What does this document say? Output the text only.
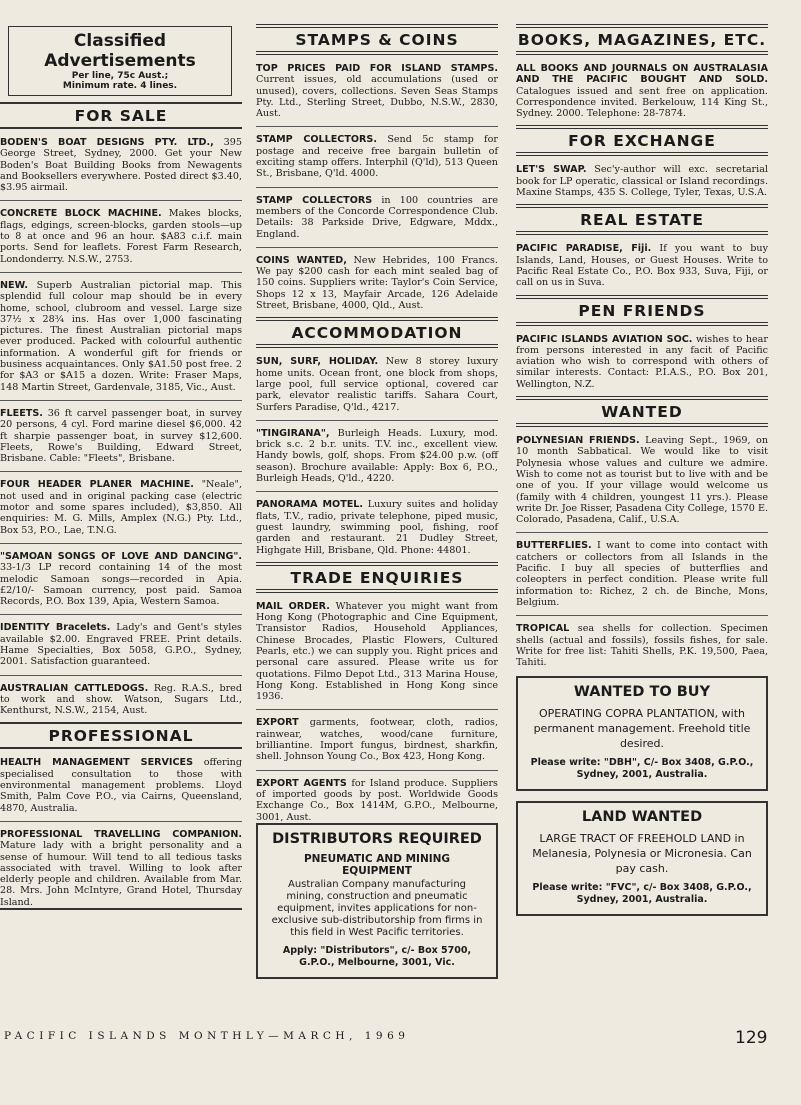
Classified Advertisements
Per line, 75c Aust.;
Minimum rate. 4 lines.
FOR SALE
BODEN'S BOAT DESIGNS PTY. LTD., 395 George Street, Sydney, 2000. Get your New Boden's Boat Building Books from Newagents and Booksellers everywhere. Posted direct $3.40, $3.95 airmail.
CONCRETE BLOCK MACHINE. Makes blocks, flags, edgings, screen-blocks, garden stools—up to 8 at once and 96 an hour. $A83 c.i.f. main ports. Send for leaflets. Forest Farm Research, Londonderry. N.S.W., 2753.
NEW. Superb Australian pictorial map. This splendid full colour map should be in every home, school, clubroom and vessel. Large size 37½ x 28¾ ins. Has over 1,000 fascinating pictures. The finest Australian pictorial maps ever produced. Packed with colourful authentic information. A wonderful gift for friends or business acquaintances. Only $A1.50 post free. 2 for $A3 or $A15 a dozen. Write: Fraser Maps, 148 Martin Street, Gardenvale, 3185, Vic., Aust.
FLEETS. 36 ft carvel passenger boat, in survey 20 persons, 4 cyl. Ford marine diesel $6,000. 42 ft sharpie passenger boat, in survey $12,600. Fleets, Rowe's Building, Edward Street, Brisbane. Cable: "Fleets", Brisbane.
FOUR HEADER PLANER MACHINE. "Neale", not used and in original packing case (electric motor and some spares included), $3,850. All enquiries: M. G. Mills, Amplex (N.G.) Pty. Ltd., Box 53, P.O., Lae, T.N.G.
"SAMOAN SONGS OF LOVE AND DANCING". 33-1/3 LP record containing 14 of the most melodic Samoan songs—recorded in Apia. £2/10/- Samoan currency, post paid. Samoa Records, P.O. Box 139, Apia, Western Samoa.
IDENTITY Bracelets. Lady's and Gent's styles available $2.00. Engraved FREE. Print details. Hame Specialties, Box 5058, G.P.O., Sydney, 2001. Satisfaction guaranteed.
AUSTRALIAN CATTLEDOGS. Reg. R.A.S., bred to work and show. Watson, Sugars Ltd., Kenthurst, N.S.W., 2154, Aust.
PROFESSIONAL
HEALTH MANAGEMENT SERVICES offering specialised consultation to those with environmental management problems. Lloyd Smith, Palm Cove P.O., via Cairns, Queensland, 4870, Australia.
PROFESSIONAL TRAVELLING COMPANION. Mature lady with a bright personality and a sense of humour. Will tend to all tedious tasks associated with travel. Willing to look after elderly people and children. Available from Mar. 28. Mrs. John McIntyre, Grand Hotel, Thursday Island.
STAMPS & COINS
TOP PRICES PAID FOR ISLAND STAMPS. Current issues, old accumulations (used or unused), covers, collections. Seven Seas Stamps Pty. Ltd., Sterling Street, Dubbo, N.S.W., 2830, Aust.
STAMP COLLECTORS. Send 5c stamp for postage and receive free bargain bulletin of exciting stamp offers. Interphil (Q'ld), 513 Queen St., Brisbane, Q'ld. 4000.
STAMP COLLECTORS in 100 countries are members of the Concorde Correspondence Club. Details: 38 Parkside Drive, Edgware, Mddx., England.
COINS WANTED, New Hebrides, 100 Francs. We pay $200 cash for each mint sealed bag of 150 coins. Suppliers write: Taylor's Coin Service, Shops 12 x 13, Mayfair Arcade, 126 Adelaide Street, Brisbane, 4000, Qld., Aust.
ACCOMMODATION
SUN, SURF, HOLIDAY. New 8 storey luxury home units. Ocean front, one block from shops, large pool, full service optional, covered car park, elevator realistic tariffs. Sahara Court, Surfers Paradise, Q'ld., 4217.
"TINGIRANA", Burleigh Heads. Luxury, mod. brick s.c. 2 b.r. units. T.V. inc., excellent view. Handy bowls, golf, shops. From $24.00 p.w. (off season). Brochure available: Apply: Box 6, P.O., Burleigh Heads, Q'ld., 4220.
PANORAMA MOTEL. Luxury suites and holiday flats, T.V., radio, private telephone, piped music, guest laundry, swimming pool, fishing, roof garden and restaurant. 21 Dudley Street, Highgate Hill, Brisbane, Qld. Phone: 44801.
TRADE ENQUIRIES
MAIL ORDER. Whatever you might want from Hong Kong (Photographic and Cine Equipment, Transistor Radios, Household Appliances, Chinese Brocades, Plastic Flowers, Cultured Pearls, etc.) we can supply you. Right prices and personal care assured. Please write us for quotations. Filmo Depot Ltd., 313 Marina House, Hong Kong. Established in Hong Kong since 1936.
EXPORT garments, footwear, cloth, radios, rainwear, watches, wood/cane furniture, brilliantine. Import fungus, birdnest, sharkfin, shell. Johnson Young Co., Box 423, Hong Kong.
EXPORT AGENTS for Island produce. Suppliers of imported goods by post. Worldwide Goods Exchange Co., Box 1414M, G.P.O., Melbourne, 3001, Aust.
DISTRIBUTORS REQUIRED
PNEUMATIC AND MINING EQUIPMENT
Australian Company manufacturing mining, construction and pneumatic equipment, invites applications for non-exclusive sub-distributorship from firms in this field in West Pacific territories.
Apply: "Distributors", c/- Box 5700, G.P.O., Melbourne, 3001, Vic.
BOOKS, MAGAZINES, ETC.
ALL BOOKS AND JOURNALS ON AUSTRALASIA AND THE PACIFIC BOUGHT AND SOLD. Catalogues issued and sent free on application. Correspondence invited. Berkelouw, 114 King St., Sydney. 2000. Telephone: 28-7874.
FOR EXCHANGE
LET'S SWAP. Sec'y-author will exc. secretarial book for LP operatic, classical or Island recordings. Maxine Stamps, 435 S. College, Tyler, Texas, U.S.A.
REAL ESTATE
PACIFIC PARADISE, Fiji. If you want to buy Islands, Land, Houses, or Guest Houses. Write to Pacific Real Estate Co., P.O. Box 933, Suva, Fiji, or call on us in Suva.
PEN FRIENDS
PACIFIC ISLANDS AVIATION SOC. wishes to hear from persons interested in any facit of Pacific aviation who wish to correspond with others of similar interests. Contact: P.I.A.S., P.O. Box 201, Wellington, N.Z.
WANTED
POLYNESIAN FRIENDS. Leaving Sept., 1969, on 10 month Sabbatical. We would like to visit Polynesia whose values and culture we admire. Wish to come not as tourist but to live with and be one of you. If your village would welcome us (family with 4 children, youngest 11 yrs.). Please write Dr. Joe Risser, Pasadena City College, 1570 E. Colorado, Pasadena, Calif., U.S.A.
BUTTERFLIES. I want to come into contact with catchers or collectors from all Islands in the Pacific. I buy all species of butterflies and coleopters in perfect condition. Please write full information to: Richez, 2 ch. de Binche, Mons, Belgium.
TROPICAL sea shells for collection. Specimen shells (actual and fossils), fossils fishes, for sale. Write for free list: Tahiti Shells, P.K. 19,500, Paea, Tahiti.
WANTED TO BUY
OPERATING COPRA PLANTATION, with permanent management. Freehold title desired.
Please write: "DBH", C/- Box 3408, G.P.O., Sydney, 2001, Australia.
LAND WANTED
LARGE TRACT OF FREEHOLD LAND in Melanesia, Polynesia or Micronesia. Can pay cash.
Please write: "FVC", c/- Box 3408, G.P.O., Sydney, 2001, Australia.
PACIFIC ISLANDS MONTHLY—MARCH, 1969	129
